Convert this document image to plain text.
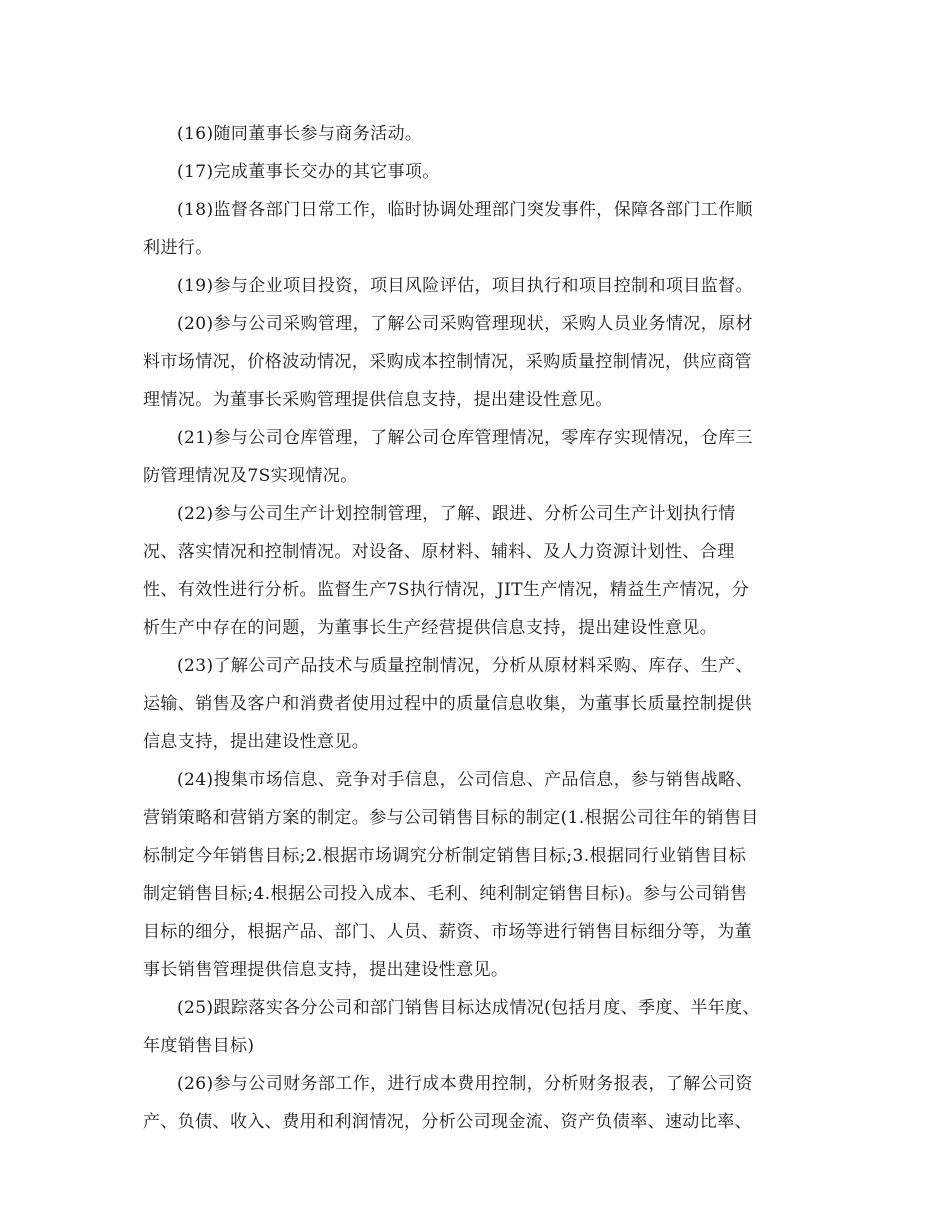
(16)随同董事长参与商务活动。
(17)完成董事长交办的其它事项。
(18)监督各部门日常工作，临时协调处理部门突发事件，保障各部门工作顺
利进行。
(19)参与企业项目投资，项目风险评估，项目执行和项目控制和项目监督。
(20)参与公司采购管理，了解公司采购管理现状，采购人员业务情况，原材
料市场情况，价格波动情况，采购成本控制情况，采购质量控制情况，供应商管
理情况。为董事长采购管理提供信息支持，提出建设性意见。
(21)参与公司仓库管理，了解公司仓库管理情况，零库存实现情况，仓库三
防管理情况及7S实现情况。
(22)参与公司生产计划控制管理，了解、跟进、分析公司生产计划执行情
况、落实情况和控制情况。对设备、原材料、辅料、及人力资源计划性、合理
性、有效性进行分析。监督生产7S执行情况，JIT生产情况，精益生产情况，分
析生产中存在的问题，为董事长生产经营提供信息支持，提出建设性意见。
(23)了解公司产品技术与质量控制情况，分析从原材料采购、库存、生产、
运输、销售及客户和消费者使用过程中的质量信息收集，为董事长质量控制提供
信息支持，提出建设性意见。
(24)搜集市场信息、竞争对手信息，公司信息、产品信息，参与销售战略、
营销策略和营销方案的制定。参与公司销售目标的制定(1.根据公司往年的销售目
标制定今年销售目标;2.根据市场调究分析制定销售目标;3.根据同行业销售目标
制定销售目标;4.根据公司投入成本、毛利、纯利制定销售目标)。参与公司销售
目标的细分，根据产品、部门、人员、薪资、市场等进行销售目标细分等，为董
事长销售管理提供信息支持，提出建设性意见。
(25)跟踪落实各分公司和部门销售目标达成情况(包括月度、季度、半年度、
年度销售目标)
(26)参与公司财务部工作，进行成本费用控制，分析财务报表，了解公司资
产、负债、收入、费用和利润情况，分析公司现金流、资产负债率、速动比率、
